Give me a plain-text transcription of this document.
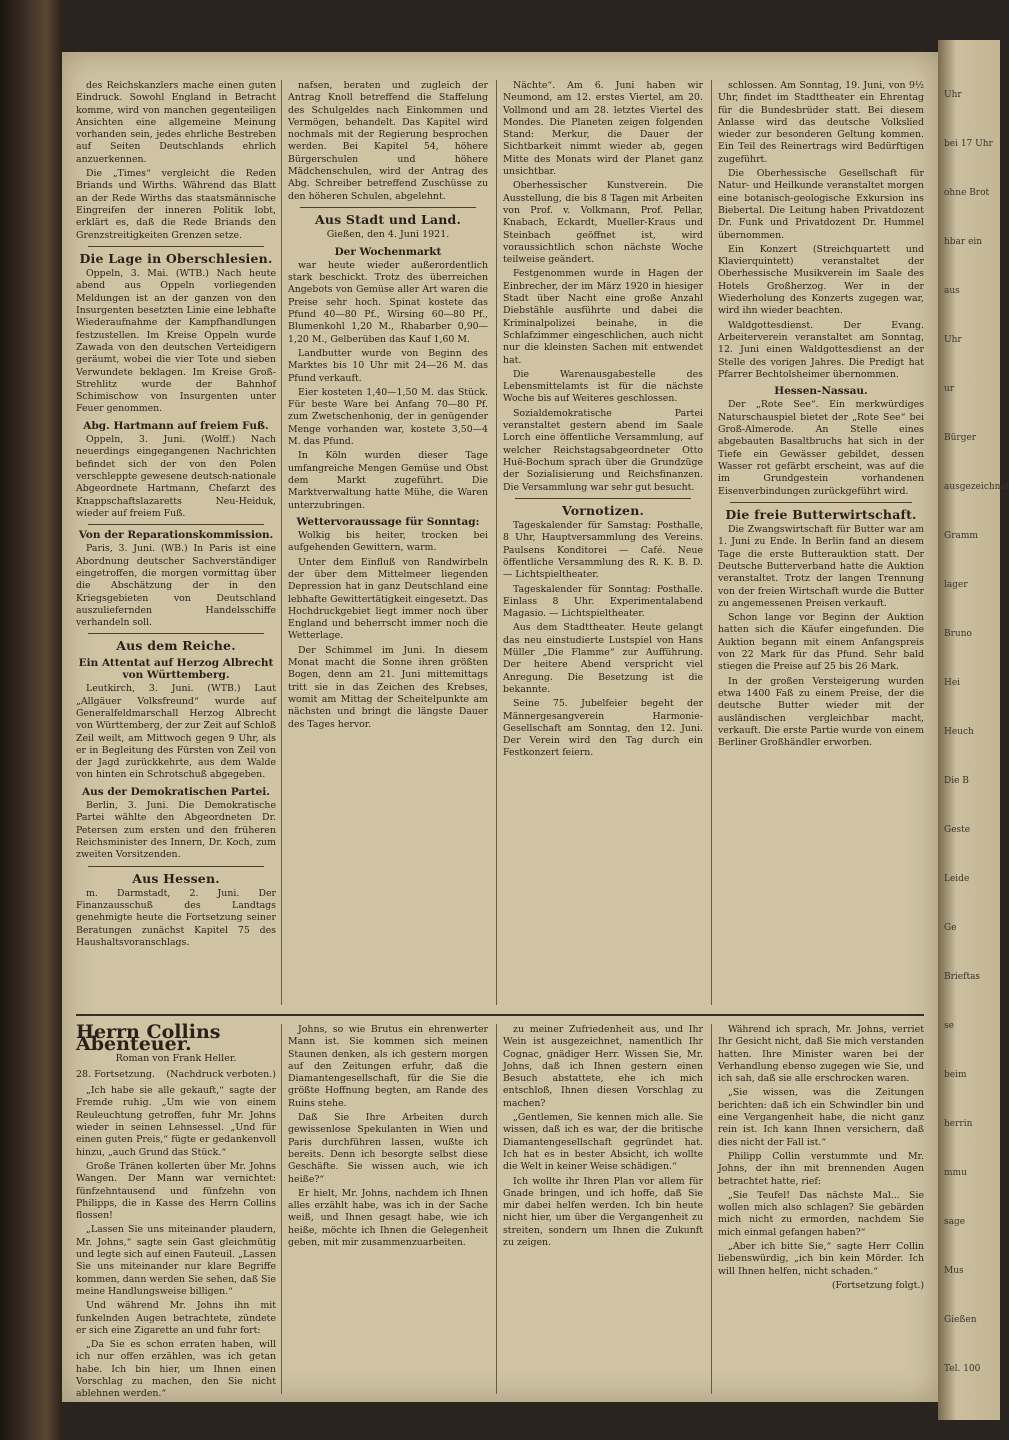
des Reichskanzlers mache einen guten Eindruck. Sowohl England in Betracht komme, wird von manchen gegenteiligen Ansichten eine allgemeine Meinung vorhanden sein, jedes ehrliche Bestreben auf Seiten Deutschlands ehrlich anzuerkennen.

Die „Times“ vergleicht die Reden Briands und Wirths. Während das Blatt an der Rede Wirths das staatsmännische Eingreifen der inneren Politik lobt, erklärt es, daß die Rede Briands den Grenzstreitigkeiten Grenzen setze.

Die Lage in Oberschlesien.

Oppeln, 3. Mai. (WTB.) Nach heute abend aus Oppeln vorliegenden Meldungen ist an der ganzen von den Insurgenten besetzten Linie eine lebhafte Wiederaufnahme der Kampfhandlungen festzustellen. Im Kreise Oppeln wurde Zawada von den deutschen Verteidigern geräumt, wobei die vier Tote und sieben Verwundete beklagen. Im Kreise Groß-Strehlitz wurde der Bahnhof Schimischow von Insurgenten unter Feuer genommen.

Abg. Hartmann auf freiem Fuß.

Oppeln, 3. Juni. (Wolff.) Nach neuerdings eingegangenen Nachrichten befindet sich der von den Polen verschleppte gewesene deutsch-nationale Abgeordnete Hartmann, Chefarzt des Knappschaftslazaretts Neu-Heiduk, wieder auf freiem Fuß.

Von der Reparationskommission.

Paris, 3. Juni. (WB.) In Paris ist eine Abordnung deutscher Sachverständiger eingetroffen, die morgen vormittag über die Abschätzung der in den Kriegsgebieten von Deutschland auszuliefernden Handelsschiffe verhandeln soll.

Aus dem Reiche.
Ein Attentat auf Herzog Albrecht von Württemberg.

Leutkirch, 3. Juni. (WTB.) Laut „Allgäuer Volksfreund“ wurde auf Generalfeldmarschall Herzog Albrecht von Württemberg, der zur Zeit auf Schloß Zeil weilt, am Mittwoch gegen 9 Uhr, als er in Begleitung des Fürsten von Zeil von der Jagd zurückkehrte, aus dem Walde von hinten ein Schrotschuß abgegeben.

Aus der Demokratischen Partei.

Berlin, 3. Juni. Die Demokratische Partei wählte den Abgeordneten Dr. Petersen zum ersten und den früheren Reichsminister des Innern, Dr. Koch, zum zweiten Vorsitzenden.

Aus Hessen.

m. Darmstadt, 2. Juni. Der Finanzausschuß des Landtags genehmigte heute die Fortsetzung seiner Beratungen zunächst Kapitel 75 des Haushaltsvoranschlags.

nafsen, beraten und zugleich der Antrag Knoll betreffend die Staffelung des Schulgeldes nach Einkommen und Vermögen, behandelt. Das Kapitel wird nochmals mit der Regierung besprochen werden. Bei Kapitel 54, höhere Bürgerschulen und höhere Mädchenschulen, wird der Antrag des Abg. Schreiber betreffend Zuschüsse zu den höheren Schulen, abgelehnt.

Aus Stadt und Land.
Gießen, den 4. Juni 1921.
Der Wochenmarkt

war heute wieder außerordentlich stark beschickt. Trotz des überreichen Angebots von Gemüse aller Art waren die Preise sehr hoch. Spinat kostete das Pfund 40—80 Pf., Wirsing 60—80 Pf., Blumenkohl 1,20 M., Rhabarber 0,90—1,20 M., Gelberüben das Kauf 1,60 M.

Landbutter wurde von Beginn des Marktes bis 10 Uhr mit 24—26 M. das Pfund verkauft.

Eier kosteten 1,40—1,50 M. das Stück. Für beste Ware bei Anfang 70—80 Pf. zum Zwetschenhonig, der in genügender Menge vorhanden war, kostete 3,50—4 M. das Pfund.

In Köln wurden dieser Tage umfangreiche Mengen Gemüse und Obst dem Markt zugeführt. Die Marktverwaltung hatte Mühe, die Waren unterzubringen.

Wettervoraussage für Sonntag:

Wolkig bis heiter, trocken bei aufgehenden Gewittern, warm.

Unter dem Einfluß von Randwirbeln der über dem Mittelmeer liegenden Depression hat in ganz Deutschland eine lebhafte Gewittertätigkeit eingesetzt. Das Hochdruckgebiet liegt immer noch über England und beherrscht immer noch die Wetterlage.

Der Schimmel im Juni. In diesem Monat macht die Sonne ihren größten Bogen, denn am 21. Juni mittemittags tritt sie in das Zeichen des Krebses, womit am Mittag der Scheitelpunkte am nächsten und bringt die längste Dauer des Tages hervor.

Nächte“. Am 6. Juni haben wir Neumond, am 12. erstes Viertel, am 20. Vollmond und am 28. letztes Viertel des Mondes. Die Planeten zeigen folgenden Stand: Merkur, die Dauer der Sichtbarkeit nimmt wieder ab, gegen Mitte des Monats wird der Planet ganz unsichtbar.

Oberhessischer Kunstverein. Die Ausstellung, die bis 8 Tagen mit Arbeiten von Prof. v. Volkmann, Prof. Pellar, Knabach, Eckardt, Mueller-Kraus und Steinbach geöffnet ist, wird voraussichtlich schon nächste Woche teilweise geändert.

Festgenommen wurde in Hagen der Einbrecher, der im März 1920 in hiesiger Stadt über Nacht eine große Anzahl Diebstähle ausführte und dabei die Kriminalpolizei beinahe, in die Schlafzimmer eingeschlichen, auch nicht nur die kleinsten Sachen mit entwendet hat.

Die Warenausgabestelle des Lebensmittelamts ist für die nächste Woche bis auf Weiteres geschlossen.

Sozialdemokratische Partei veranstaltet gestern abend im Saale Lorch eine öffentliche Versammlung, auf welcher Reichstagsabgeordneter Otto Huë-Bochum sprach über die Grundzüge der Sozialisierung und Reichsfinanzen. Die Versammlung war sehr gut besucht.

Vornotizen.

Tageskalender für Samstag: Posthalle, 8 Uhr, Hauptversammlung des Vereins. Paulsens Konditorei — Café. Neue öffentliche Versammlung des R. K. B. D. — Lichtspieltheater.

Tageskalender für Sonntag: Posthalle. Einlass 8 Uhr. Experimentalabend Magasio. — Lichtspieltheater.

Aus dem Stadttheater. Heute gelangt das neu einstudierte Lustspiel von Hans Müller „Die Flamme“ zur Aufführung. Der heitere Abend verspricht viel Anregung. Die Besetzung ist die bekannte.

Seine 75. Jubelfeier begeht der Männergesangverein Harmonie-Gesellschaft am Sonntag, den 12. Juni. Der Verein wird den Tag durch ein Festkonzert feiern.

schlossen. Am Sonntag, 19. Juni, von 9½ Uhr, findet im Stadttheater ein Ehrentag für die Bundesbrüder statt. Bei diesem Anlasse wird das deutsche Volkslied wieder zur besonderen Geltung kommen. Ein Teil des Reinertrags wird Bedürftigen zugeführt.

Die Oberhessische Gesellschaft für Natur- und Heilkunde veranstaltet morgen eine botanisch-geologische Exkursion ins Biebertal. Die Leitung haben Privatdozent Dr. Funk und Privatdozent Dr. Hummel übernommen.

Ein Konzert (Streichquartett und Klavierquintett) veranstaltet der Oberhessische Musikverein im Saale des Hotels Großherzog. Wer in der Wiederholung des Konzerts zugegen war, wird ihn wieder beachten.

Waldgottesdienst. Der Evang. Arbeiterverein veranstaltet am Sonntag, 12. Juni einen Waldgottesdienst an der Stelle des vorigen Jahres. Die Predigt hat Pfarrer Bechtolsheimer übernommen.

Hessen-Nassau.

Der „Rote See“. Ein merkwürdiges Naturschauspiel bietet der „Rote See“ bei Groß-Almerode. An Stelle eines abgebauten Basaltbruchs hat sich in der Tiefe ein Gewässer gebildet, dessen Wasser rot gefärbt erscheint, was auf die im Grundgestein vorhandenen Eisenverbindungen zurückgeführt wird.

Die freie Butterwirtschaft.

Die Zwangswirtschaft für Butter war am 1. Juni zu Ende. In Berlin fand an diesem Tage die erste Butterauktion statt. Der Deutsche Butterverband hatte die Auktion veranstaltet. Trotz der langen Trennung von der freien Wirtschaft wurde die Butter zu angemessenen Preisen verkauft.

Schon lange vor Beginn der Auktion hatten sich die Käufer eingefunden. Die Auktion begann mit einem Anfangspreis von 22 Mark für das Pfund. Sehr bald stiegen die Preise auf 25 bis 26 Mark.

In der großen Versteigerung wurden etwa 1400 Faß zu einem Preise, der die deutsche Butter wieder mit der ausländischen vergleichbar macht, verkauft. Die erste Partie wurde von einem Berliner Großhändler erworben.

Herrn Collins Abenteuer.
Roman von Frank Heller.
28. Fortsetzung. (Nachdruck verboten.)

„Ich habe sie alle gekauft,“ sagte der Fremde ruhig. „Um wie von einem Reuleuchtung getroffen, fuhr Mr. Johns wieder in seinen Lehnsessel. „Und für einen guten Preis,“ fügte er gedankenvoll hinzu, „auch Grund das Stück.“

Große Tränen kollerten über Mr. Johns Wangen. Der Mann war vernichtet: fünfzehntausend und fünfzehn von Philipps, die in Kasse des Herrn Collins flossen!

„Lassen Sie uns miteinander plaudern, Mr. Johns,“ sagte sein Gast gleichmütig und legte sich auf einen Fauteuil. „Lassen Sie uns miteinander nur klare Begriffe kommen, dann werden Sie sehen, daß Sie meine Handlungsweise billigen.“

Und während Mr. Johns ihn mit funkelnden Augen betrachtete, zündete er sich eine Zigarette an und fuhr fort:

„Da Sie es schon erraten haben, will ich nur offen erzählen, was ich getan habe. Ich bin hier, um Ihnen einen Vorschlag zu machen, den Sie nicht ablehnen werden.“

Johns, so wie Brutus ein ehrenwerter Mann ist. Sie kommen sich meinen Staunen denken, als ich gestern morgen auf den Zeitungen erfuhr, daß die Diamantengesellschaft, für die Sie die größte Hoffnung begten, am Rande des Ruins stehe.

Daß Sie Ihre Arbeiten durch gewissenlose Spekulanten in Wien und Paris durchführen lassen, wußte ich bereits. Denn ich besorgte selbst diese Geschäfte. Sie wissen auch, wie ich heiße?“

Er hielt, Mr. Johns, nachdem ich Ihnen alles erzählt habe, was ich in der Sache weiß, und Ihnen gesagt habe, wie ich heiße, möchte ich Ihnen die Gelegenheit geben, mit mir zusammenzuarbeiten.

zu meiner Zufriedenheit aus, und Ihr Wein ist ausgezeichnet, namentlich Ihr Cognac, gnädiger Herr. Wissen Sie, Mr. Johns, daß ich Ihnen gestern einen Besuch abstattete, ehe ich mich entschloß, Ihnen diesen Vorschlag zu machen?

„Gentlemen, Sie kennen mich alle. Sie wissen, daß ich es war, der die britische Diamantengesellschaft gegründet hat. Ich hat es in bester Absicht, ich wollte die Welt in keiner Weise schädigen.“

Ich wollte ihr Ihren Plan vor allem für Gnade bringen, und ich hoffe, daß Sie mir dabei helfen werden. Ich bin heute nicht hier, um über die Vergangenheit zu streiten, sondern um Ihnen die Zukunft zu zeigen.

Während ich sprach, Mr. Johns, verriet Ihr Gesicht nicht, daß Sie mich verstanden hatten. Ihre Minister waren bei der Verhandlung ebenso zugegen wie Sie, und ich sah, daß sie alle erschrocken waren.

„Sie wissen, was die Zeitungen berichten: daß ich ein Schwindler bin und eine Vergangenheit habe, die nicht ganz rein ist. Ich kann Ihnen versichern, daß dies nicht der Fall ist.“

Philipp Collin verstummte und Mr. Johns, der ihn mit brennenden Augen betrachtet hatte, rief:

„Sie Teufel! Das nächste Mal... Sie wollen mich also schlagen? Sie gebärden mich nicht zu ermorden, nachdem Sie mich einmal gefangen haben?“

„Aber ich bitte Sie,“ sagte Herr Collin liebenswürdig, „ich bin kein Mörder. Ich will Ihnen helfen, nicht schaden.“

(Fortsetzung folgt.)

Uhr
bei 17 Uhr
ohne Brot
hbar ein
aus
Uhr
ur
Bürger
ausgezeichnet
Gramm
lager
Bruno
Hei
Heuch
Die B
Geste
Leide
Ge
Brieftas
se
beim
herrin
mmu
sage
Mus
Gießen
Tel. 100
